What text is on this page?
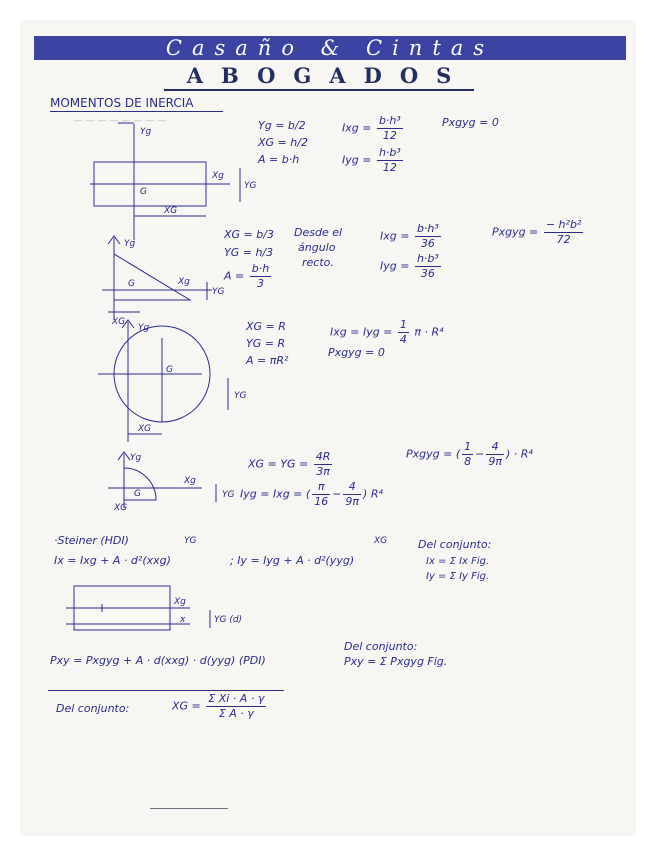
Casaño & Cintas
ABOGADOS
MOMENTOS DE INERCIA
— — — — — — — —
Yg
G
Xg
YG
XG
Yg = b/2
XG = h/2
A = b·h
Ixg = $\frac{\text{b·h³}}{12}$
Iyg = $\frac{\text{h·b³}}{12}$
Pxgyg = 0
Yg
G	Xg
YG
XG
XG = b/3
YG = h/3
$A = \frac{b\cdot h}{3}$
Desde el
ángulo
recto.
Ixg = $\frac{\text{b·h³}}{36}$
Iyg = $\frac{\text{h·b³}}{36}$
Pxgyg = $\frac{\text{− h²b²}}{72}$
Yg
G
YG
XG
XG = R
YG = R
A = πR²
Ixg = Iyg = $\frac{1}{4}$ π · R⁴
Pxgyg = 0
Yg
G
Xg
YG
XG
XG = YG = $\frac{4R}{3\pi}$
Iyg = Ixg = ( $\frac{\pi}{16} - \frac{4}{9\pi}$ ) R⁴
Pxgyg = ( $\frac{1}{8} - \frac{4}{9\pi}$ ) · R⁴
·Steiner (HDI)	YG
Ix = Ixg + A · d²(xxg)
XG
; Iy = Iyg + A · d²(yyg)
Del conjunto:
Ix = Σ Ix Fig.
Iy = Σ Iy Fig.
Xg
x	YG (d)
Pxy = Pxgyg + A · d(xxg) · d(yyg) (PDI)
Del conjunto:
Pxy = Σ Pxgyg Fig.
Del conjunto:	XG = $\frac{\text{Σ Xi · A · γ}}{\text{Σ A · γ}}$
